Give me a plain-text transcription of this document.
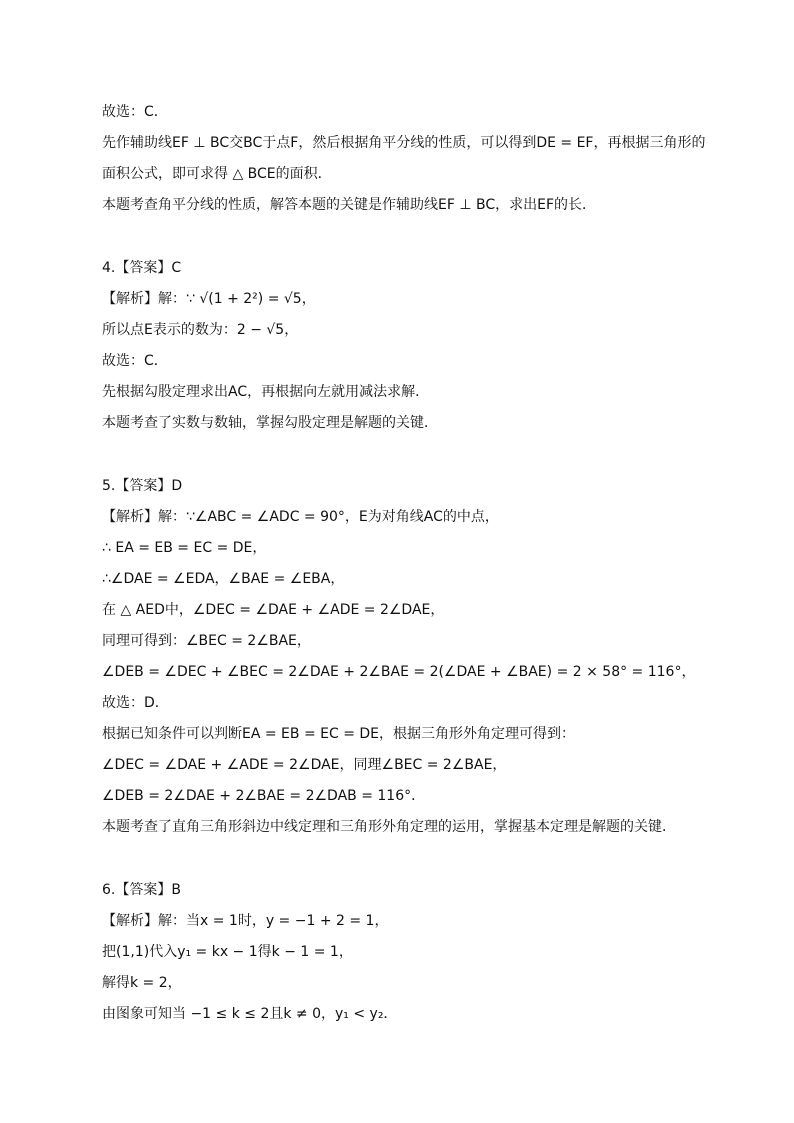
故选：C．
先作辅助线EF ⊥ BC交BC于点F，然后根据角平分线的性质，可以得到DE = EF，再根据三角形的
面积公式，即可求得 △ BCE的面积．
本题考查角平分线的性质，解答本题的关键是作辅助线EF ⊥ BC，求出EF的长．
4.【答案】C
【解析】解：∵ √(1 + 2²) = √5，
所以点E表示的数为：2 − √5，
故选：C．
先根据勾股定理求出AC，再根据向左就用减法求解．
本题考查了实数与数轴，掌握勾股定理是解题的关键．
5.【答案】D
【解析】解：∵∠ABC = ∠ADC = 90°，E为对角线AC的中点，
∴ EA = EB = EC = DE，
∴∠DAE = ∠EDA，∠BAE = ∠EBA，
在 △ AED中，∠DEC = ∠DAE + ∠ADE = 2∠DAE，
同理可得到：∠BEC = 2∠BAE，
∠DEB = ∠DEC + ∠BEC = 2∠DAE + 2∠BAE = 2(∠DAE + ∠BAE) = 2 × 58° = 116°，
故选：D．
根据已知条件可以判断EA = EB = EC = DE，根据三角形外角定理可得到：
∠DEC = ∠DAE + ∠ADE = 2∠DAE，同理∠BEC = 2∠BAE，
∠DEB = 2∠DAE + 2∠BAE = 2∠DAB = 116°．
本题考查了直角三角形斜边中线定理和三角形外角定理的运用，掌握基本定理是解题的关键．
6.【答案】B
【解析】解：当x = 1时，y = −1 + 2 = 1，
把(1,1)代入y₁ = kx − 1得k − 1 = 1，
解得k = 2，
由图象可知当 −1 ≤ k ≤ 2且k ≠ 0，y₁ < y₂．
